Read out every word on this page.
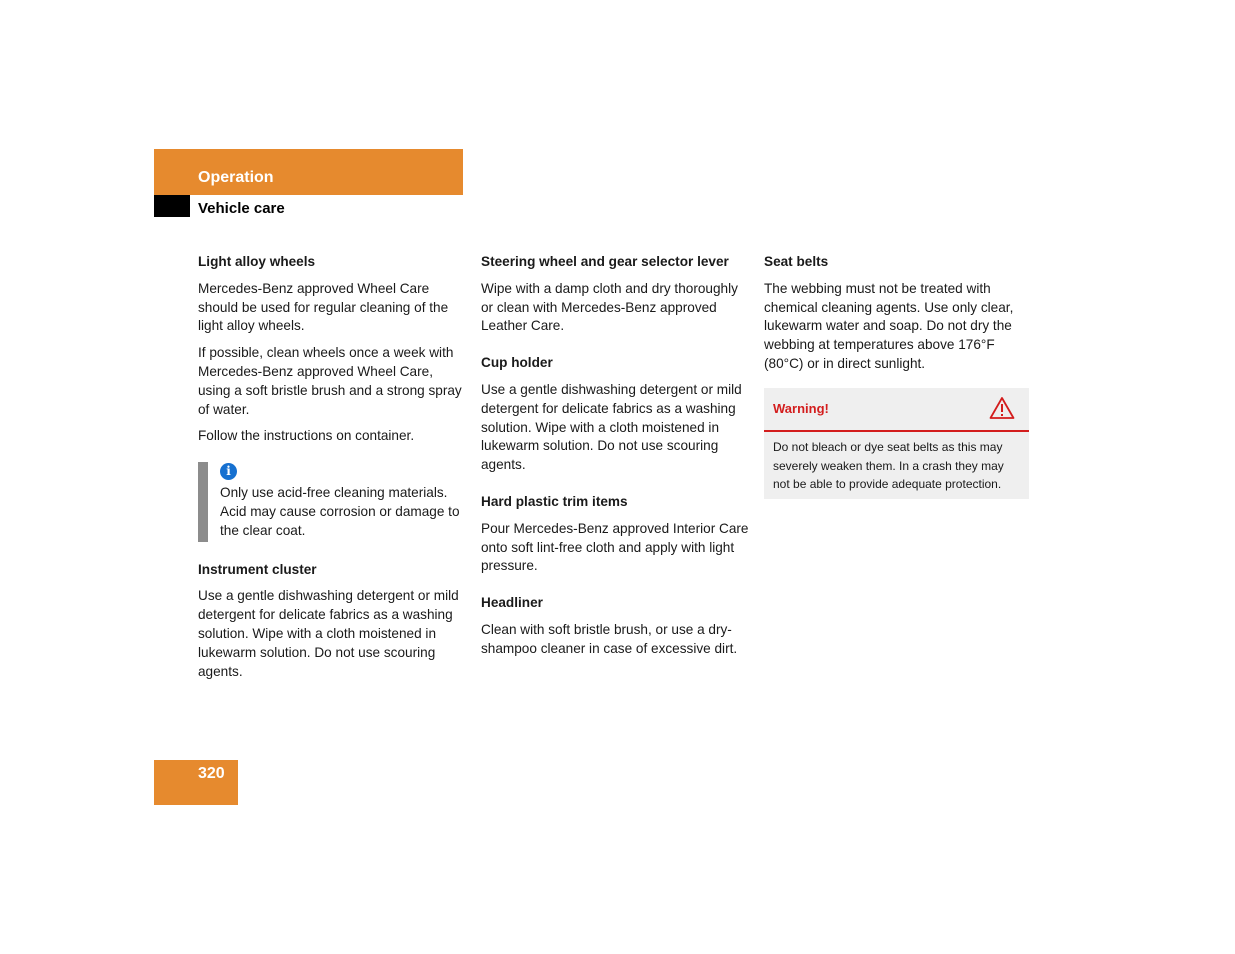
Operation
Vehicle care
Light alloy wheels

Mercedes-Benz approved Wheel Care should be used for regular cleaning of the light alloy wheels.

If possible, clean wheels once a week with Mercedes-Benz approved Wheel Care, using a soft bristle brush and a strong spray of water.

Follow the instructions on container.

i
Only use acid-free cleaning materials. Acid may cause corrosion or damage to the clear coat.
Instrument cluster

Use a gentle dishwashing detergent or mild detergent for delicate fabrics as a washing solution. Wipe with a cloth moistened in lukewarm solution. Do not use scouring agents.

Steering wheel and gear selector lever

Wipe with a damp cloth and dry thoroughly or clean with Mercedes-Benz approved Leather Care.

Cup holder

Use a gentle dishwashing detergent or mild detergent for delicate fabrics as a washing solution. Wipe with a cloth moistened in lukewarm solution. Do not use scouring agents.

Hard plastic trim items

Pour Mercedes-Benz approved Interior Care onto soft lint-free cloth and apply with light pressure.

Headliner

Clean with soft bristle brush, or use a dry-shampoo cleaner in case of excessive dirt.

Seat belts

The webbing must not be treated with chemical cleaning agents. Use only clear, lukewarm water and soap. Do not dry the webbing at temperatures above 176°F (80°C) or in direct sunlight.

Warning!
Do not bleach or dye seat belts as this may severely weaken them. In a crash they may not be able to provide adequate protection.
320
